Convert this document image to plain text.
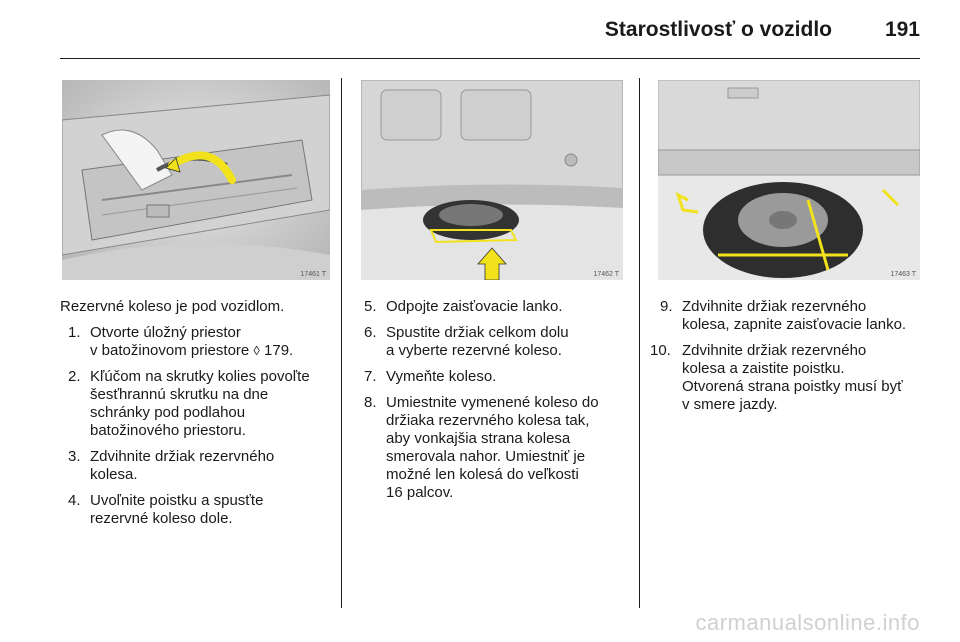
Starostlivosť o vozidlo	191
17461 T	17462 T	17463 T

Rezervné koleso je pod vozidlom.

1. Otvorte úložný priestor
v batožinovom priestore ◊ 179.
2. Kľúčom na skrutky kolies povoľte
šesťhrannú skrutku na dne
schránky pod podlahou
batožinového priestoru.
3. Zdvihnite držiak rezervného
kolesa.
4. Uvoľnite poistku a spusťte
rezervné koleso dole.
5. Odpojte zaisťovacie lanko.
6. Spustite držiak celkom dolu
a vyberte rezervné koleso.
7. Vymeňte koleso.
8. Umiestnite vymenené koleso do
držiaka rezervného kolesa tak,
aby vonkajšia strana kolesa
smerovala nahor. Umiestniť je
možné len kolesá do veľkosti
16 palcov.
9. Zdvihnite držiak rezervného
kolesa, zapnite zaisťovacie lanko.
10. Zdvihnite držiak rezervného
kolesa a zaistite poistku.
Otvorená strana poistky musí byť
v smere jazdy.
carmanualsonline.info
